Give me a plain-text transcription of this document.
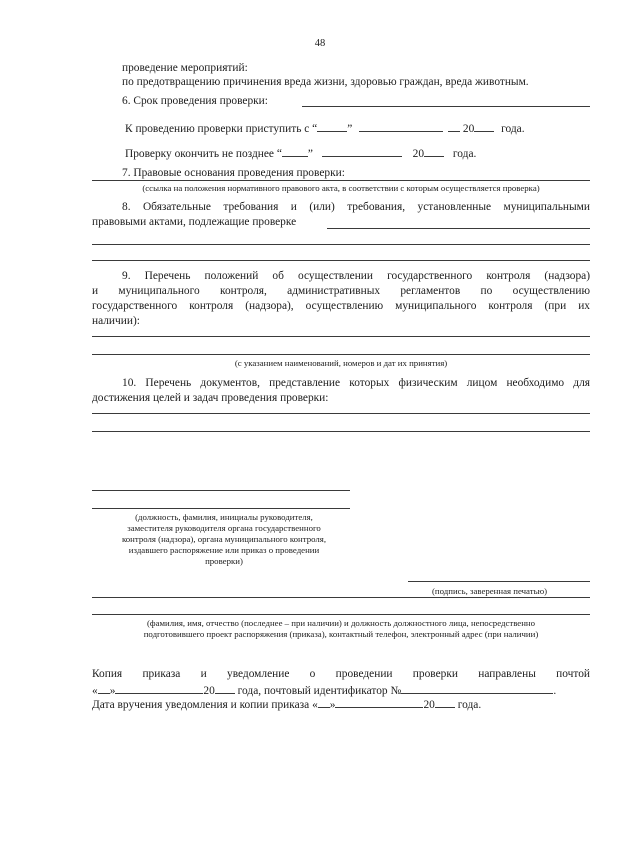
48
проведение мероприятий:
по предотвращению причинения вреда жизни, здоровью граждан, вреда животным.
6. Срок проведения проверки:
К проведению проверки приступить с “	”	20 года.
Проверку окончить не позднее “ ”	20	года.
7. Правовые основания проведения проверки:
(ссылка на положения нормативного правового акта, в соответствии с которым осуществляется проверка)
8. Обязательные требования и (или) требования, установленные муниципальными
правовыми актами, подлежащие проверке
9. Перечень положений об осуществлении государственного контроля (надзора)
и муниципального контроля, административных регламентов по осуществлению
государственного контроля (надзора), осуществлению муниципального контроля (при их
наличии):
(с указанием наименований, номеров и дат их принятия)
10. Перечень документов, представление которых физическим лицом необходимо для
достижения целей и задач проведения проверки:
(должность, фамилия, инициалы руководителя,
заместителя руководителя органа государственного
контроля (надзора), органа муниципального контроля,
издавшего распоряжение или приказ о проведении
проверки)
(подпись, заверенная печатью)
(фамилия, имя, отчество (последнее – при наличии) и должность должностного лица, непосредственно
подготовившего проект распоряжения (приказа), контактный телефон, электронный адрес (при наличии)
Копия приказа и уведомление о проведении проверки направлены почтой
« »	20 года, почтовый идентификатор №	.
Дата вручения уведомления и копии приказа « »	20 года.
